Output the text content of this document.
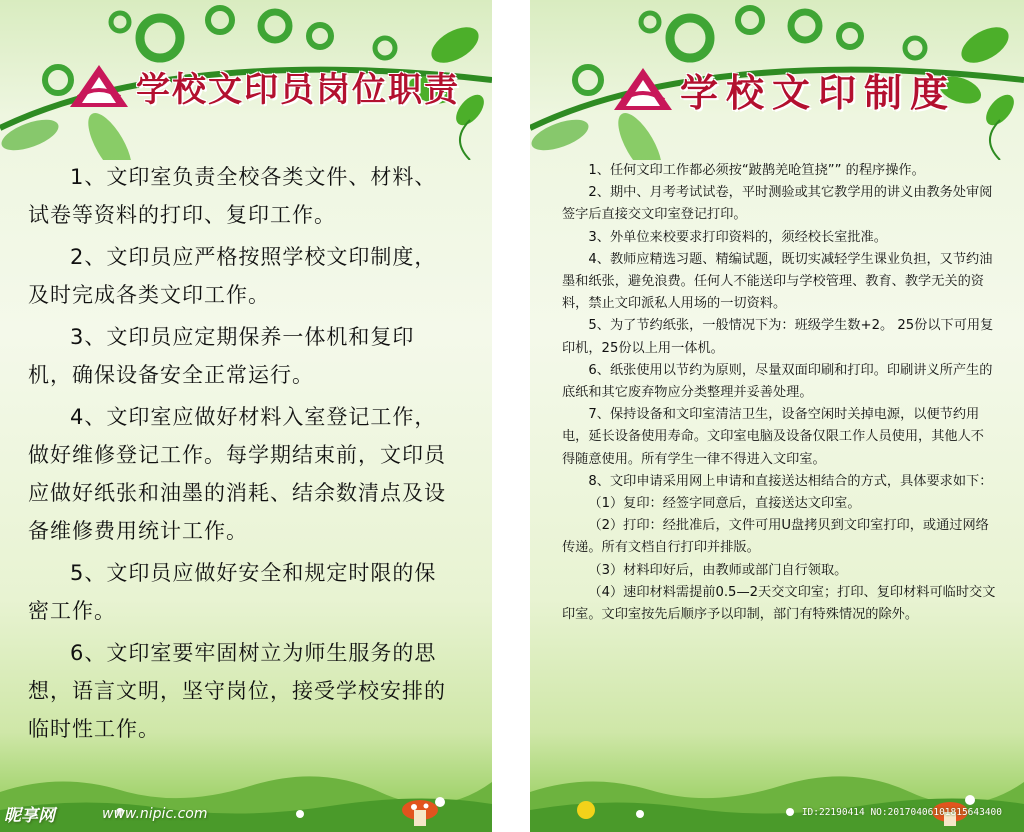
学校文印员岗位职责

1、文印室负责全校各类文件、材料、试卷等资料的打印、复印工作。

2、文印员应严格按照学校文印制度，及时完成各类文印工作。

3、文印员应定期保养一体机和复印机，确保设备安全正常运行。

4、文印室应做好材料入室登记工作，做好维修登记工作。每学期结束前，文印员应做好纸张和油墨的消耗、结余数清点及设备维修费用统计工作。

5、文印员应做好安全和规定时限的保密工作。

6、文印室要牢固树立为师生服务的思想，语言文明，坚守岗位，接受学校安排的临时性工作。

昵享网	www.nipic.com
学校文印制度
ID:22190414 NO:20170406101815643400

1、任何文印工作都必须按“跛鹊羌呛笪挠”” 的程序操作。

2、期中、月考考试试卷，平时测验或其它教学用的讲义由教务处审阅签字后直接交文印室登记打印。

3、外单位来校要求打印资料的，须经校长室批准。

4、教师应精选习题、精编试题，既切实减轻学生课业负担，又节约油墨和纸张，避免浪费。任何人不能送印与学校管理、教育、教学无关的资料，禁止文印派私人用场的一切资料。

5、为了节约纸张，一般情况下为：班级学生数+2。 25份以下可用复印机，25份以上用一体机。

6、纸张使用以节约为原则，尽量双面印刷和打印。印刷讲义所产生的底纸和其它废弃物应分类整理并妥善处理。

7、保持设备和文印室清洁卫生，设备空闲时关掉电源，以便节约用电，延长设备使用寿命。文印室电脑及设备仅限工作人员使用，其他人不得随意使用。所有学生一律不得进入文印室。

8、文印申请采用网上申请和直接送达相结合的方式，具体要求如下：

（1）复印：经签字同意后，直接送达文印室。

（2）打印：经批准后，文件可用U盘拷贝到文印室打印，或通过网络传递。所有文档自行打印并排版。

（3）材料印好后，由教师或部门自行领取。

（4）速印材料需提前0.5—2天交文印室；打印、复印材料可临时交文印室。文印室按先后顺序予以印制，部门有特殊情况的除外。
